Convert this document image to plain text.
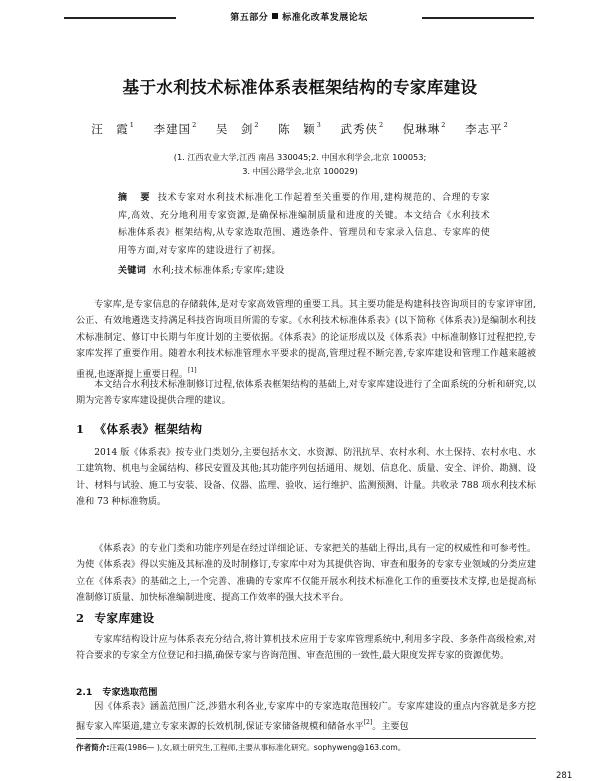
第五部分 标准化改革发展论坛
基于水利技术标准体系表框架结构的专家库建设
汪　霞$^1$ 李建国$^2$ 吴　剑$^2$ 陈　颖$^3$ 武秀侠$^2$ 倪琳琳$^2$ 李志平$^2$
(1. 江西农业大学,江西 南昌 330045;2. 中国水利学会,北京 100053;
3. 中国公路学会,北京 100029)
摘　要 技术专家对水利技术标准化工作起着至关重要的作用,建构规范的、合理的专家库,高效、充分地利用专家资源,是确保标准编制质量和进度的关键。本文结合《水利技术标准体系表》框架结构,从专家选取范围、遴选条件、管理员和专家录入信息、专家库的使用等方面,对专家库的建设进行了初探。
关键词 水利;技术标准体系;专家库;建设

专家库,是专家信息的存储载体,是对专家高效管理的重要工具。其主要功能是构建科技咨询项目的专家评审团,公正、有效地遴选支持满足科技咨询项目所需的专家。《水利技术标准体系表》(以下简称《体系表》)是编制水利技术标准制定、修订中长期与年度计划的主要依据。《体系表》的论证形成以及《体系表》中标准制修订过程把控,专家库发挥了重要作用。随着水利技术标准管理水平要求的提高,管理过程不断完善,专家库建设和管理工作越来越被重视,也逐渐提上重要日程。[1]

本文结合水利技术标准制修订过程,依体系表框架结构的基础上,对专家库建设进行了全面系统的分析和研究,以期为完善专家库建设提供合理的建议。

1 《体系表》框架结构

2014 版《体系表》按专业门类划分,主要包括水文、水资源、防汛抗旱、农村水利、水土保持、农村水电、水工建筑物、机电与金属结构、移民安置及其他;其功能序列包括通用、规划、信息化、质量、安全、评价、勘测、设计、材料与试验、施工与安装、设备、仪器、监理、验收、运行维护、监测预测、计量。共收录 788 项水利技术标准和 73 种标准物质。

《体系表》的专业门类和功能序列是在经过详细论证、专家把关的基础上得出,具有一定的权威性和可参考性。为使《体系表》得以实施及其标准的及时制修订,专家库中对为其提供咨询、审查和服务的专家专业领域的分类应建立在《体系表》的基础之上,一个完善、准确的专家库不仅能开展水利技术标准化工作的重要技术支撑,也是提高标准制修订质量、加快标准编制进度、提高工作效率的强大技术平台。

2 专家库建设

专家库结构设计应与体系表充分结合,将计算机技术应用于专家库管理系统中,利用多字段、多条件高级检索,对符合要求的专家全方位登记和扫描,确保专家与咨询范围、审查范围的一致性,最大限度发挥专家的资源优势。

2.1 专家选取范围

因《体系表》涵盖范围广泛,涉猎水利各业,专家库中的专家选取范围较广。专家库建设的重点内容就是多方挖掘专家入库渠道,建立专家来源的长效机制,保证专家储备规模和储备水平[2]。主要包

作者简介:汪霞(1986— ),女,硕士研究生,工程师,主要从事标准化研究。sophyweng@163.com。
281
